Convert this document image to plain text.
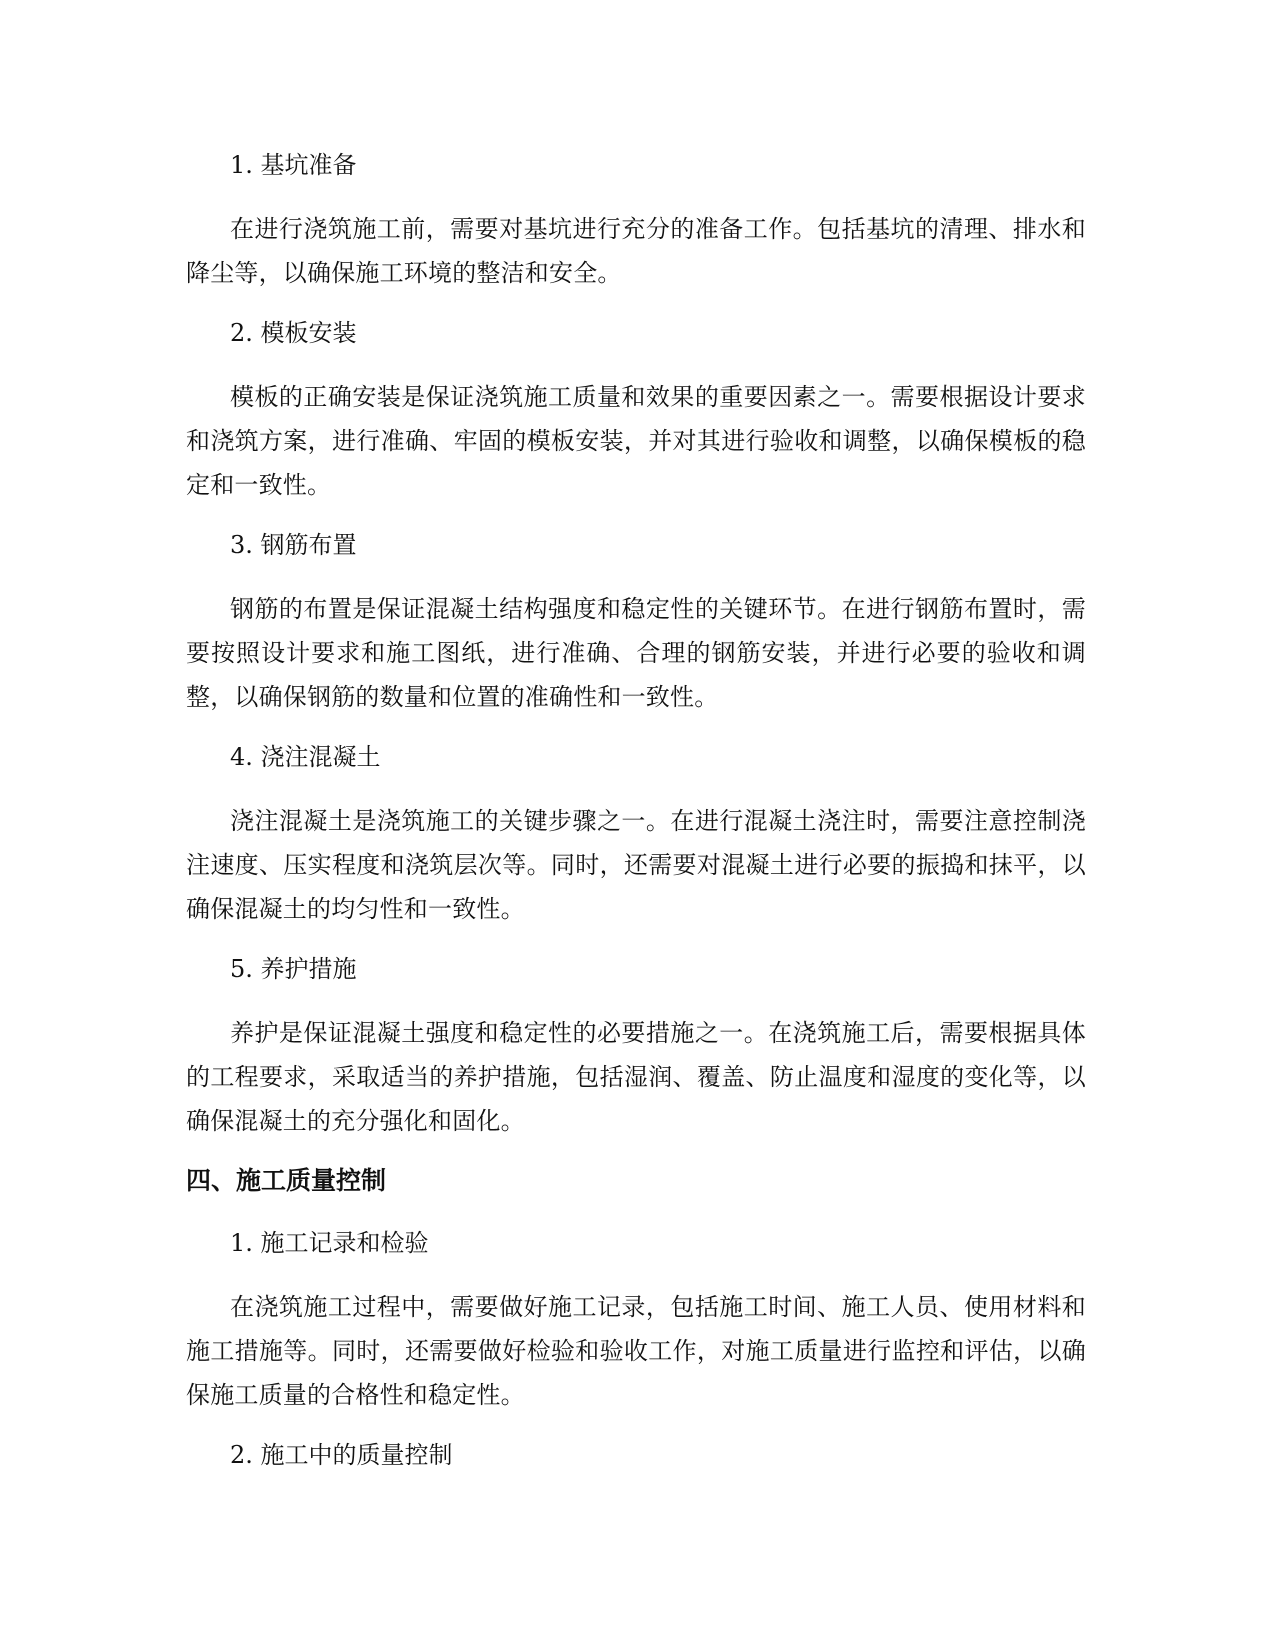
1. 基坑准备

在进行浇筑施工前，需要对基坑进行充分的准备工作。包括基坑的清理、排水和降尘等，以确保施工环境的整洁和安全。

2. 模板安装

模板的正确安装是保证浇筑施工质量和效果的重要因素之一。需要根据设计要求和浇筑方案，进行准确、牢固的模板安装，并对其进行验收和调整，以确保模板的稳定和一致性。

3. 钢筋布置

钢筋的布置是保证混凝土结构强度和稳定性的关键环节。在进行钢筋布置时，需要按照设计要求和施工图纸，进行准确、合理的钢筋安装，并进行必要的验收和调整，以确保钢筋的数量和位置的准确性和一致性。

4. 浇注混凝土

浇注混凝土是浇筑施工的关键步骤之一。在进行混凝土浇注时，需要注意控制浇注速度、压实程度和浇筑层次等。同时，还需要对混凝土进行必要的振捣和抹平，以确保混凝土的均匀性和一致性。

5. 养护措施

养护是保证混凝土强度和稳定性的必要措施之一。在浇筑施工后，需要根据具体的工程要求，采取适当的养护措施，包括湿润、覆盖、防止温度和湿度的变化等，以确保混凝土的充分强化和固化。

四、施工质量控制

1. 施工记录和检验

在浇筑施工过程中，需要做好施工记录，包括施工时间、施工人员、使用材料和施工措施等。同时，还需要做好检验和验收工作，对施工质量进行监控和评估，以确保施工质量的合格性和稳定性。

2. 施工中的质量控制
